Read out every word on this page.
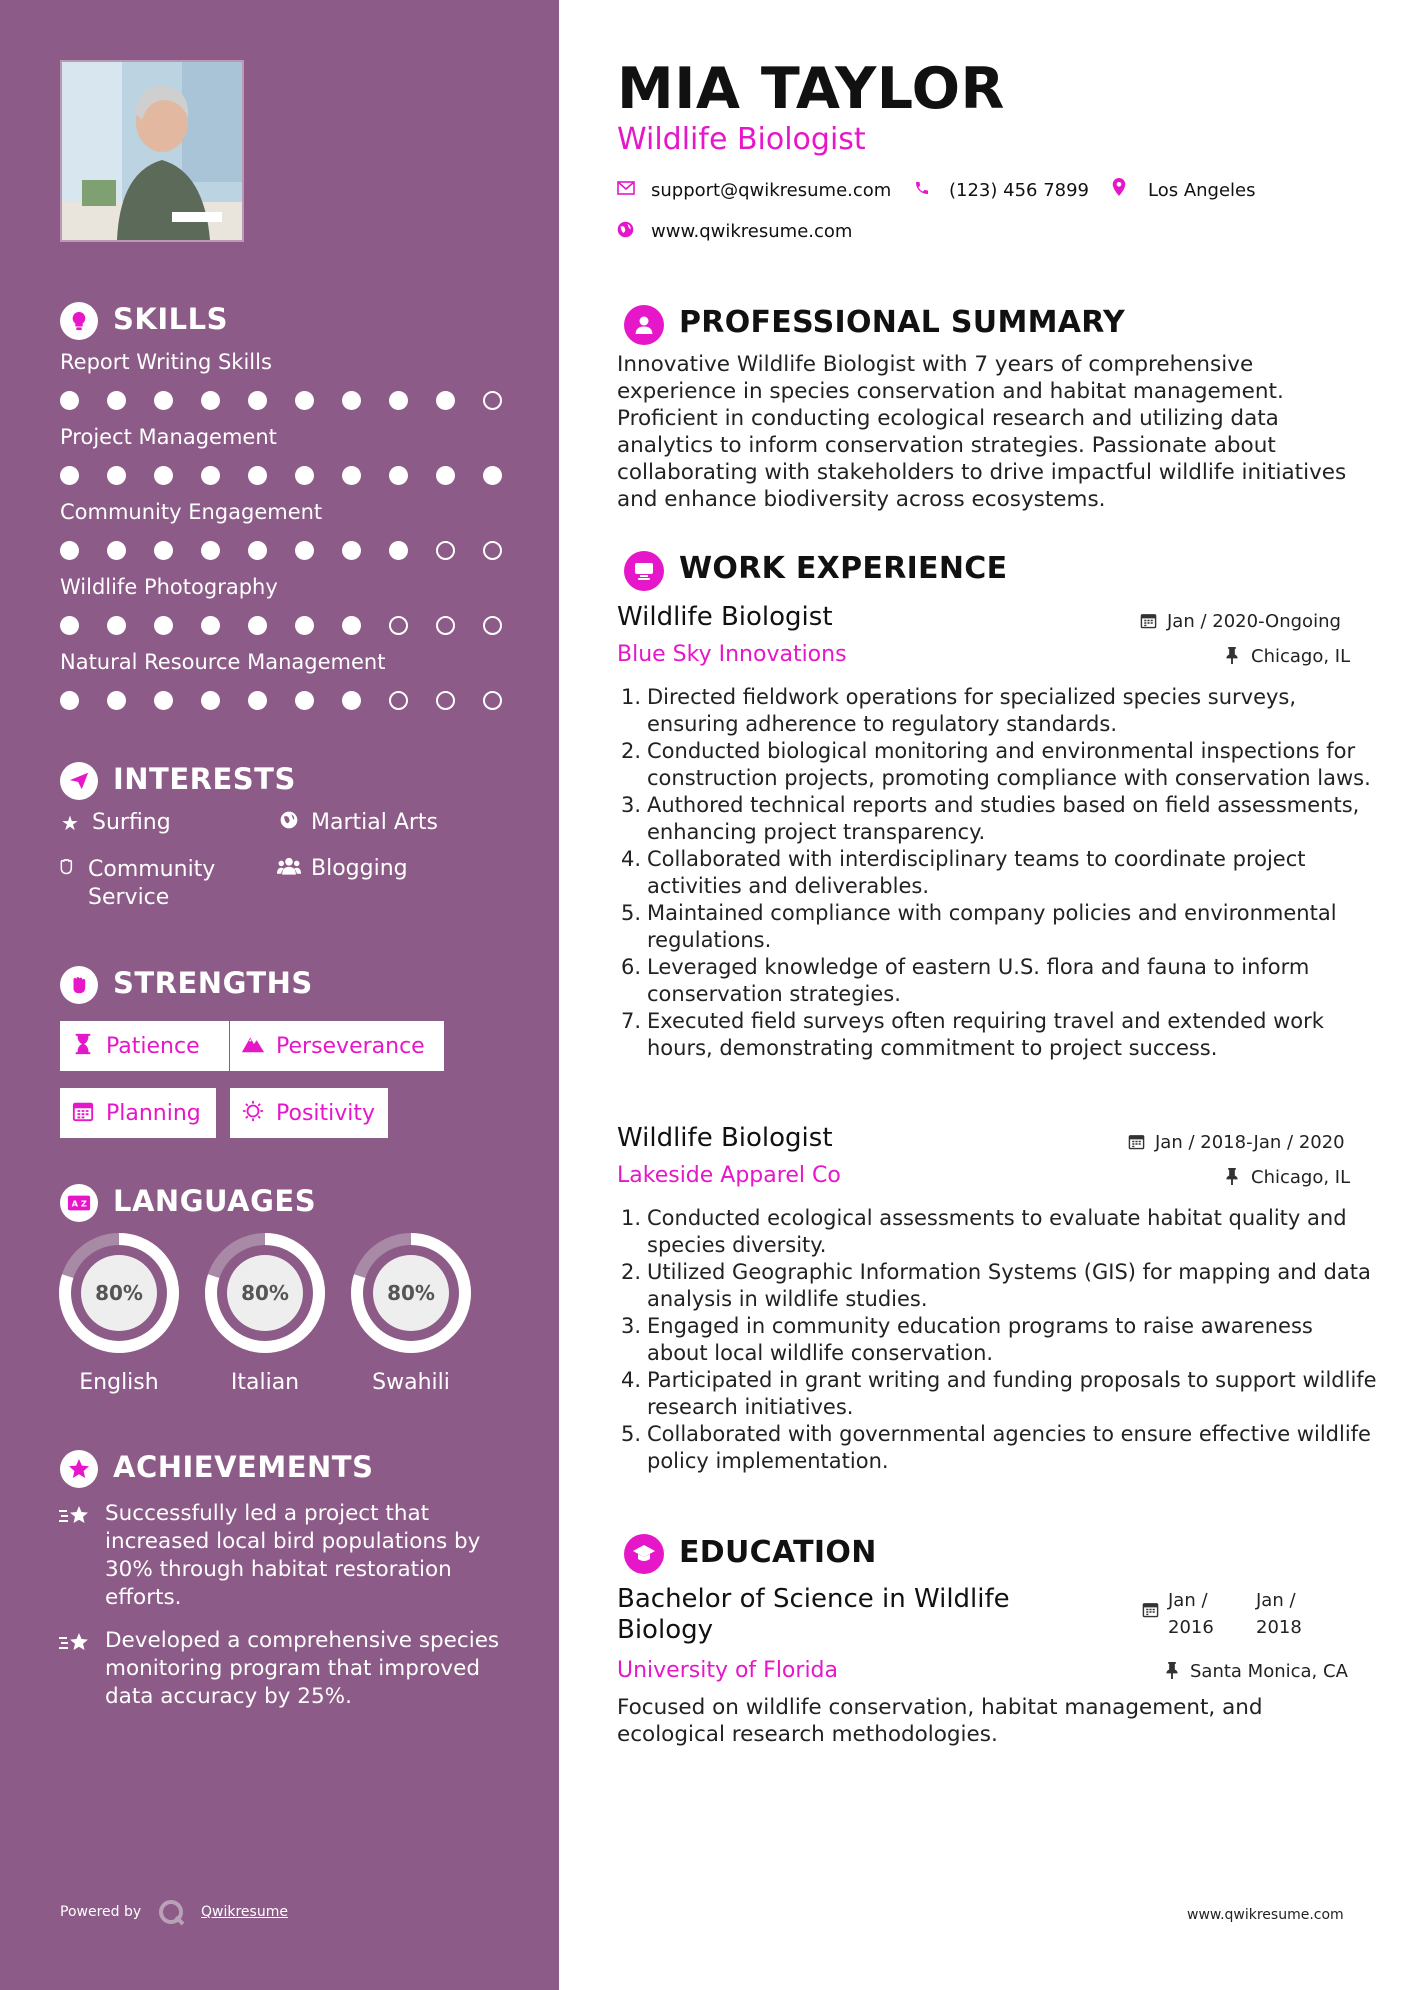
SKILLS
Report Writing Skills
Project Management
Community Engagement
Wildlife Photography
Natural Resource Management
INTERESTS
★ Surfing	Martial Arts
Community Service
Blogging
STRENGTHS
Patience	Perseverance
Planning	Positivity
A Z LANGUAGES
80%
English
80%
Italian
80%
Swahili
ACHIEVEMENTS
Successfully led a project that increased local bird populations by 30% through habitat restoration efforts.
Developed a comprehensive species monitoring program that improved data accuracy by 25%.
Powered by	Qwikresume
MIA TAYLOR
Wildlife Biologist
support@qwikresume.com	(123) 456 7899	Los Angeles
www.qwikresume.com
PROFESSIONAL SUMMARY
Innovative Wildlife Biologist with 7 years of comprehensive experience in species conservation and habitat management. Proficient in conducting ecological research and utilizing data analytics to inform conservation strategies. Passionate about collaborating with stakeholders to drive impactful wildlife initiatives and enhance biodiversity across ecosystems.
WORK EXPERIENCE
Wildlife Biologist	Jan / 2020-Ongoing
Blue Sky Innovations	Chicago, IL
1. Directed fieldwork operations for specialized species surveys, ensuring adherence to regulatory standards.
2. Conducted biological monitoring and environmental inspections for construction projects, promoting compliance with conservation laws.
3. Authored technical reports and studies based on field assessments, enhancing project transparency.
4. Collaborated with interdisciplinary teams to coordinate project activities and deliverables.
5. Maintained compliance with company policies and environmental regulations.
6. Leveraged knowledge of eastern U.S. flora and fauna to inform conservation strategies.
7. Executed field surveys often requiring travel and extended work hours, demonstrating commitment to project success.
Wildlife Biologist	Jan / 2018-Jan / 2020
Lakeside Apparel Co	Chicago, IL
1. Conducted ecological assessments to evaluate habitat quality and species diversity.
2. Utilized Geographic Information Systems (GIS) for mapping and data analysis in wildlife studies.
3. Engaged in community education programs to raise awareness about local wildlife conservation.
4. Participated in grant writing and funding proposals to support wildlife research initiatives.
5. Collaborated with governmental agencies to ensure effective wildlife policy implementation.
EDUCATION
Bachelor of Science in Wildlife Biology
Jan / 2016
Jan / 2018
University of Florida	Santa Monica, CA
Focused on wildlife conservation, habitat management, and ecological research methodologies.
www.qwikresume.com
